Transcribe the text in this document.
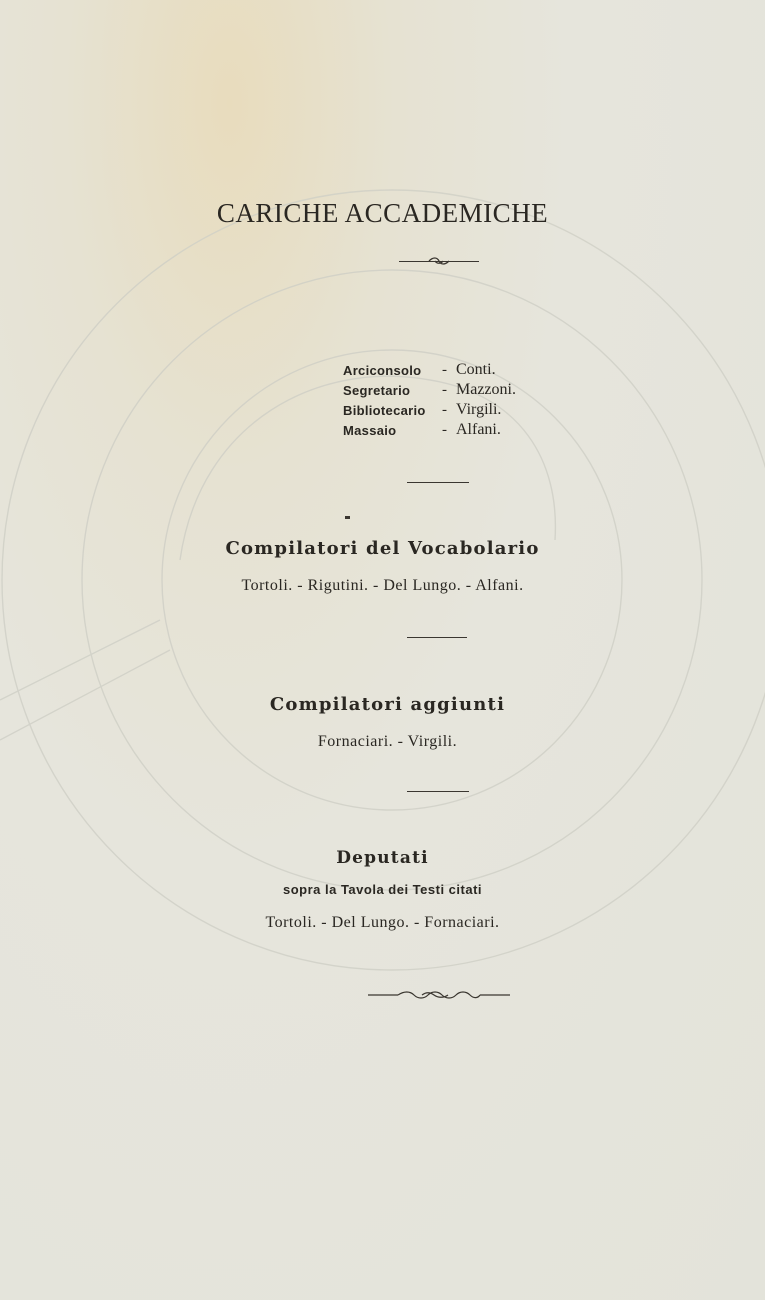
CARICHE ACCADEMICHE
Arciconsolo	- Conti.
Segretario	- Mazzoni.
Bibliotecario	- Virgili.
Massaio	- Alfani.
Compilatori del Vocabolario
Tortoli. - Rigutini. - Del Lungo. - Alfani.
Compilatori aggiunti
Fornaciari. - Virgili.
Deputati
sopra la Tavola dei Testi citati
Tortoli. - Del Lungo. - Fornaciari.
